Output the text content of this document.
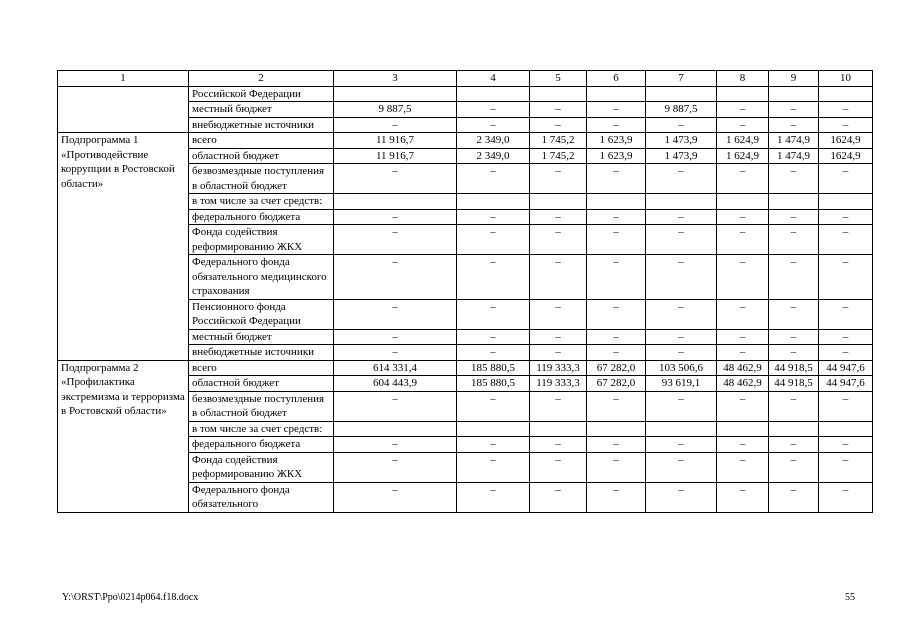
1	2	3	4	5	6	7	8	9	10
	Российской Федерации								
	местный бюджет	9 887,5	–	–	–	9 887,5	–	–	–
	внебюджетные источники	–	–	–	–	–	–	–	–
Подпрограмма 1 «Противодействие коррупции в Ростовской области»	всего	11 916,7	2 349,0	1 745,2	1 623,9	1 473,9	1 624,9	1 474,9	1624,9
	областной бюджет	11 916,7	2 349,0	1 745,2	1 623,9	1 473,9	1 624,9	1 474,9	1624,9
	безвозмездные поступления в областной бюджет	–	–	–	–	–	–	–	–
	в том числе за счет средств:								
	федерального бюджета	–	–	–	–	–	–	–	–
	Фонда содействия реформированию ЖКХ	–	–	–	–	–	–	–	–
	Федерального фонда обязательного медицинского страхования	–	–	–	–	–	–	–	–
	Пенсионного фонда Российской Федерации	–	–	–	–	–	–	–	–
	местный бюджет	–	–	–	–	–	–	–	–
	внебюджетные источники	–	–	–	–	–	–	–	–
Подпрограмма 2 «Профилактика экстремизма и терроризма в Ростовской области»	всего	614 331,4	185 880,5	119 333,3	67 282,0	103 506,6	48 462,9	44 918,5	44 947,6
	областной бюджет	604 443,9	185 880,5	119 333,3	67 282,0	93 619,1	48 462,9	44 918,5	44 947,6
	безвозмездные поступления в областной бюджет	–	–	–	–	–	–	–	–
	в том числе за счет средств:								
	федерального бюджета	–	–	–	–	–	–	–	–
	Фонда содействия реформированию ЖКХ	–	–	–	–	–	–	–	–
	Федерального фонда обязательного	–	–	–	–	–	–	–	–
Y:\ORST\Ppo\0214p064.f18.docx	55
